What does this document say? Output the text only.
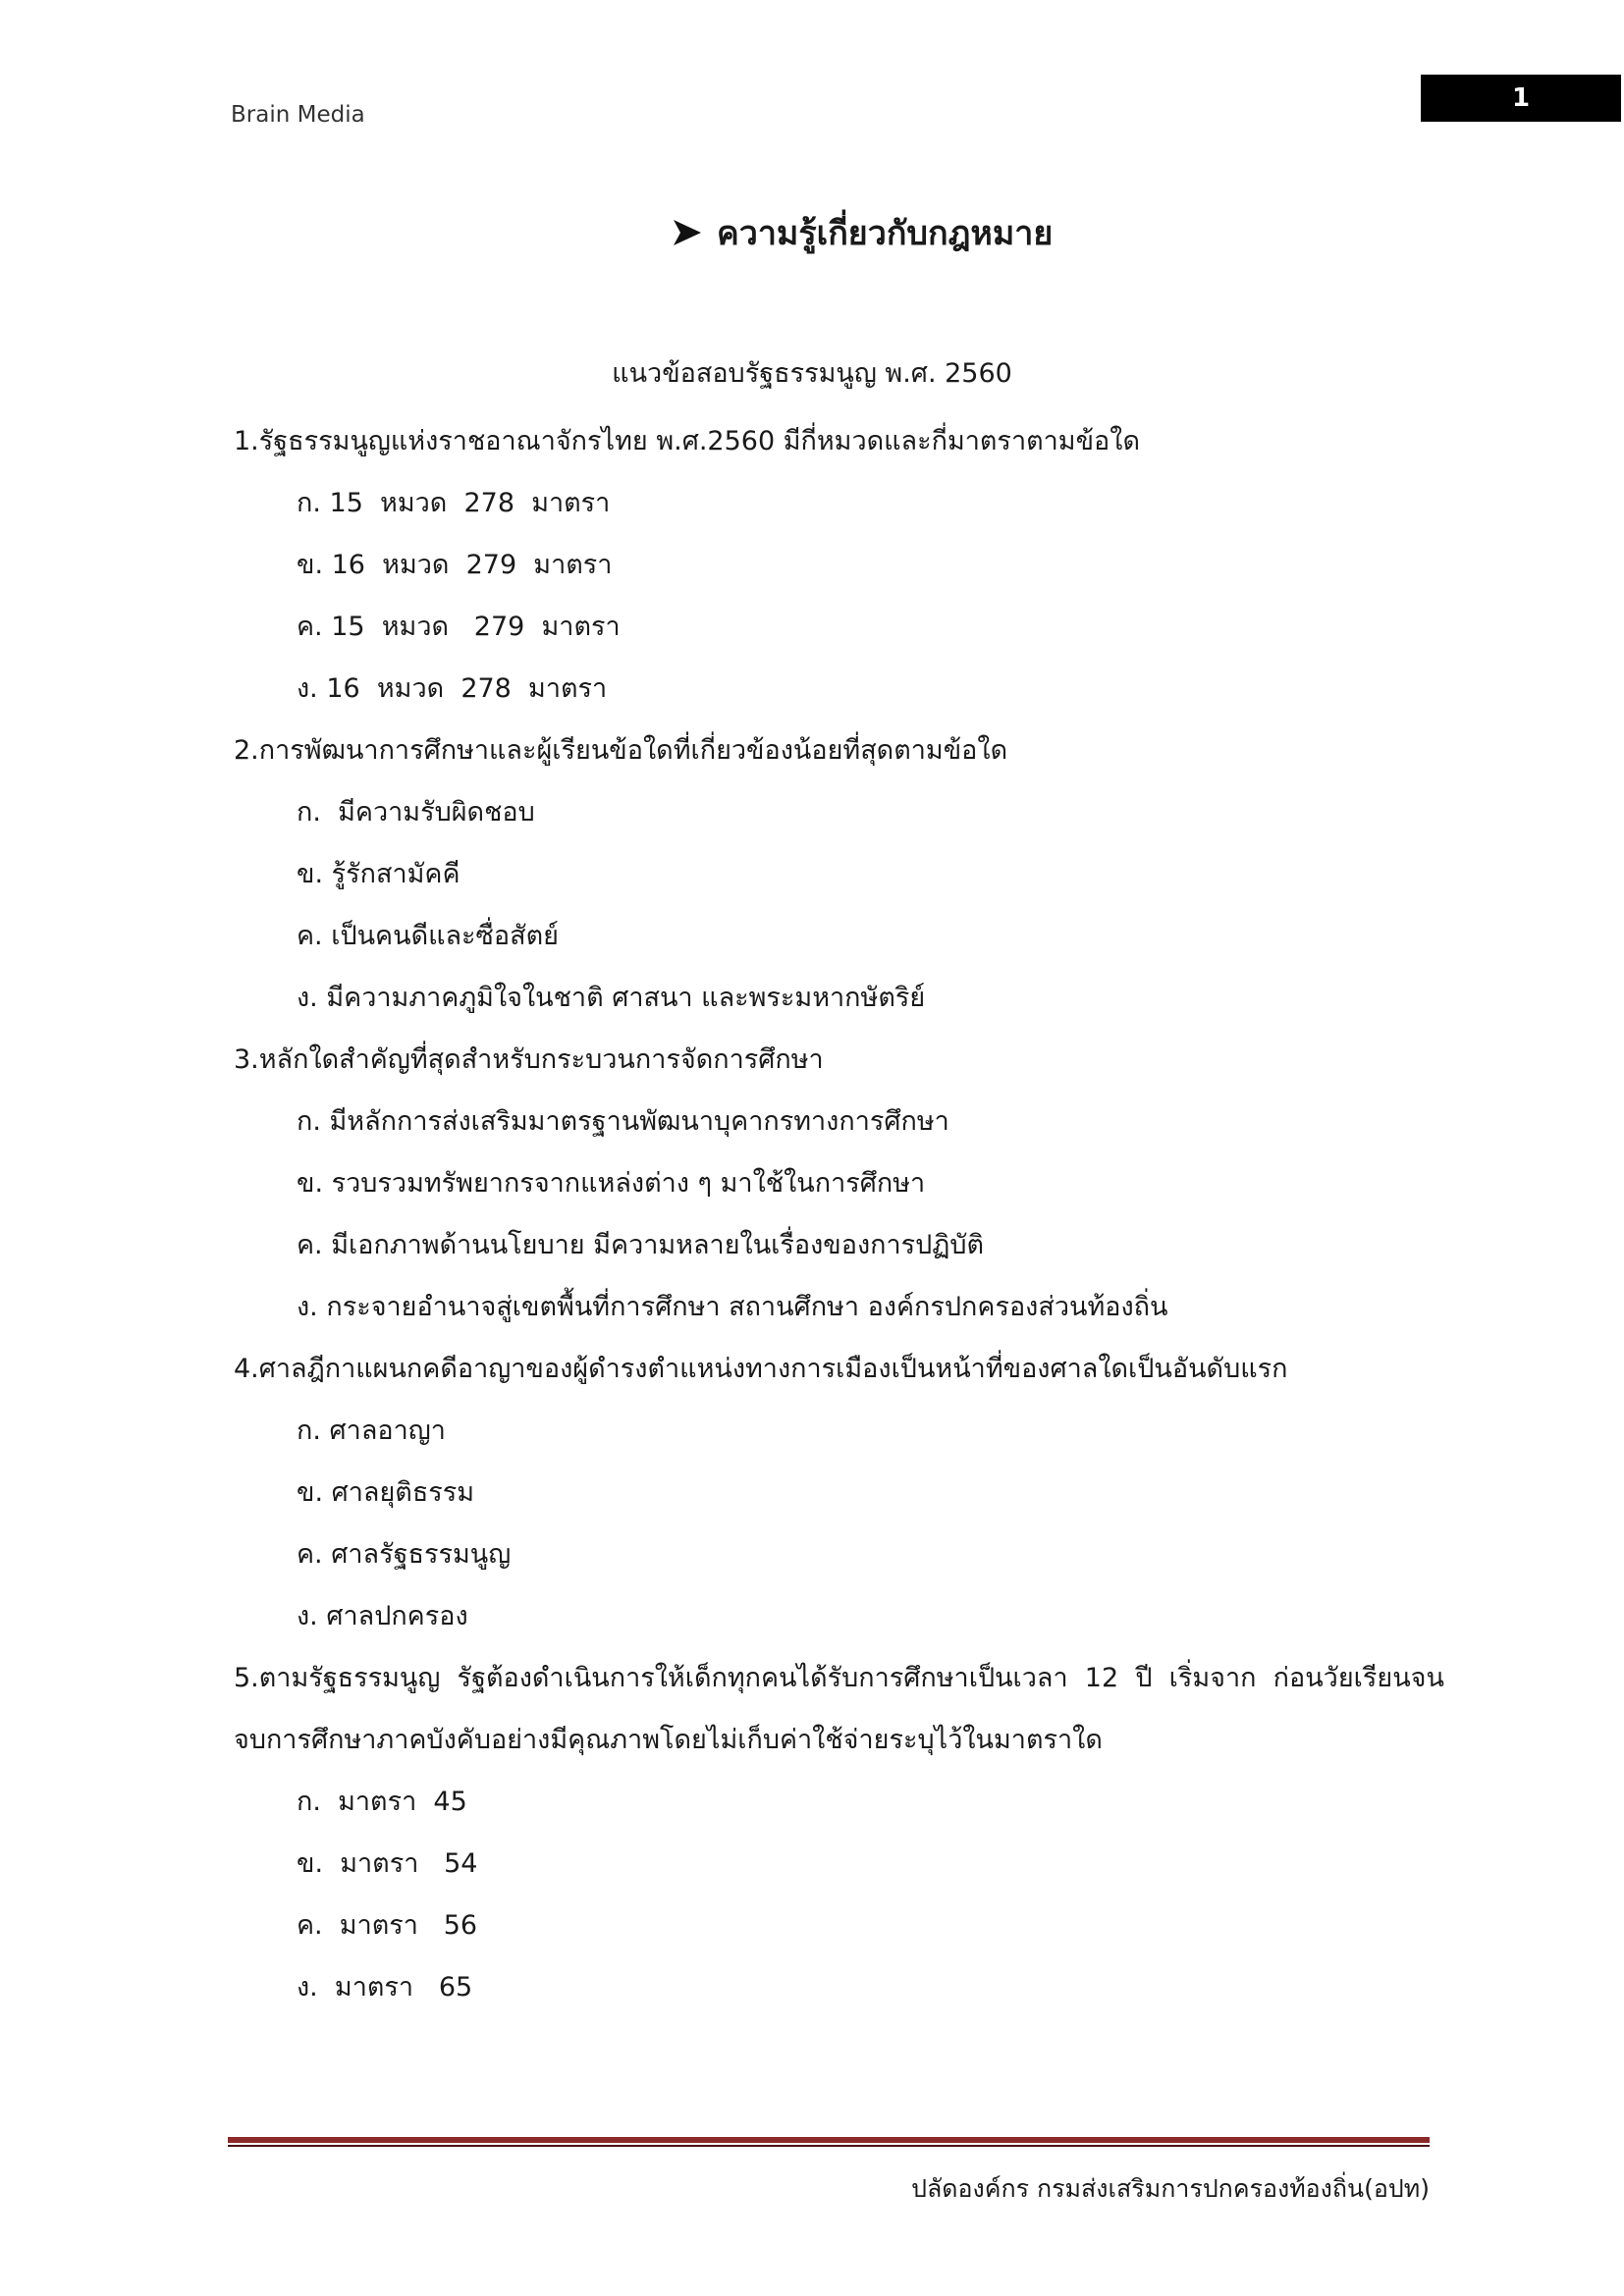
Brain Media
1
ความรู้เกี่ยวกับกฎหมาย
แนวข้อสอบรัฐธรรมนูญ พ.ศ. 2560
1.รัฐธรรมนูญแห่งราชอาณาจักรไทย พ.ศ.2560 มีกี่หมวดและกี่มาตราตามข้อใด
ก. 15  หมวด  278  มาตรา
ข. 16  หมวด  279  มาตรา
ค. 15  หมวด   279  มาตรา
ง. 16  หมวด  278  มาตรา
2.การพัฒนาการศึกษาและผู้เรียนข้อใดที่เกี่ยวข้องน้อยที่สุดตามข้อใด
ก.  มีความรับผิดชอบ
ข. รู้รักสามัคคี
ค. เป็นคนดีและซื่อสัตย์
ง. มีความภาคภูมิใจในชาติ ศาสนา และพระมหากษัตริย์
3.หลักใดสำคัญที่สุดสำหรับกระบวนการจัดการศึกษา
ก. มีหลักการส่งเสริมมาตรฐานพัฒนาบุคากรทางการศึกษา
ข. รวบรวมทรัพยากรจากแหล่งต่าง ๆ มาใช้ในการศึกษา
ค. มีเอกภาพด้านนโยบาย มีความหลายในเรื่องของการปฏิบัติ
ง. กระจายอำนาจสู่เขตพื้นที่การศึกษา สถานศึกษา องค์กรปกครองส่วนท้องถิ่น
4.ศาลฎีกาแผนกคดีอาญาของผู้ดำรงตำแหน่งทางการเมืองเป็นหน้าที่ของศาลใดเป็นอันดับแรก
ก. ศาลอาญา
ข. ศาลยุติธรรม
ค. ศาลรัฐธรรมนูญ
ง. ศาลปกครอง
5.ตามรัฐธรรมนูญ  รัฐต้องดำเนินการให้เด็กทุกคนได้รับการศึกษาเป็นเวลา  12  ปี  เริ่มจาก  ก่อนวัยเรียนจน
จบการศึกษาภาคบังคับอย่างมีคุณภาพโดยไม่เก็บค่าใช้จ่ายระบุไว้ในมาตราใด
ก.  มาตรา  45
ข.  มาตรา   54
ค.  มาตรา   56
ง.  มาตรา   65
ปลัดองค์กร กรมส่งเสริมการปกครองท้องถิ่น(อปท)
